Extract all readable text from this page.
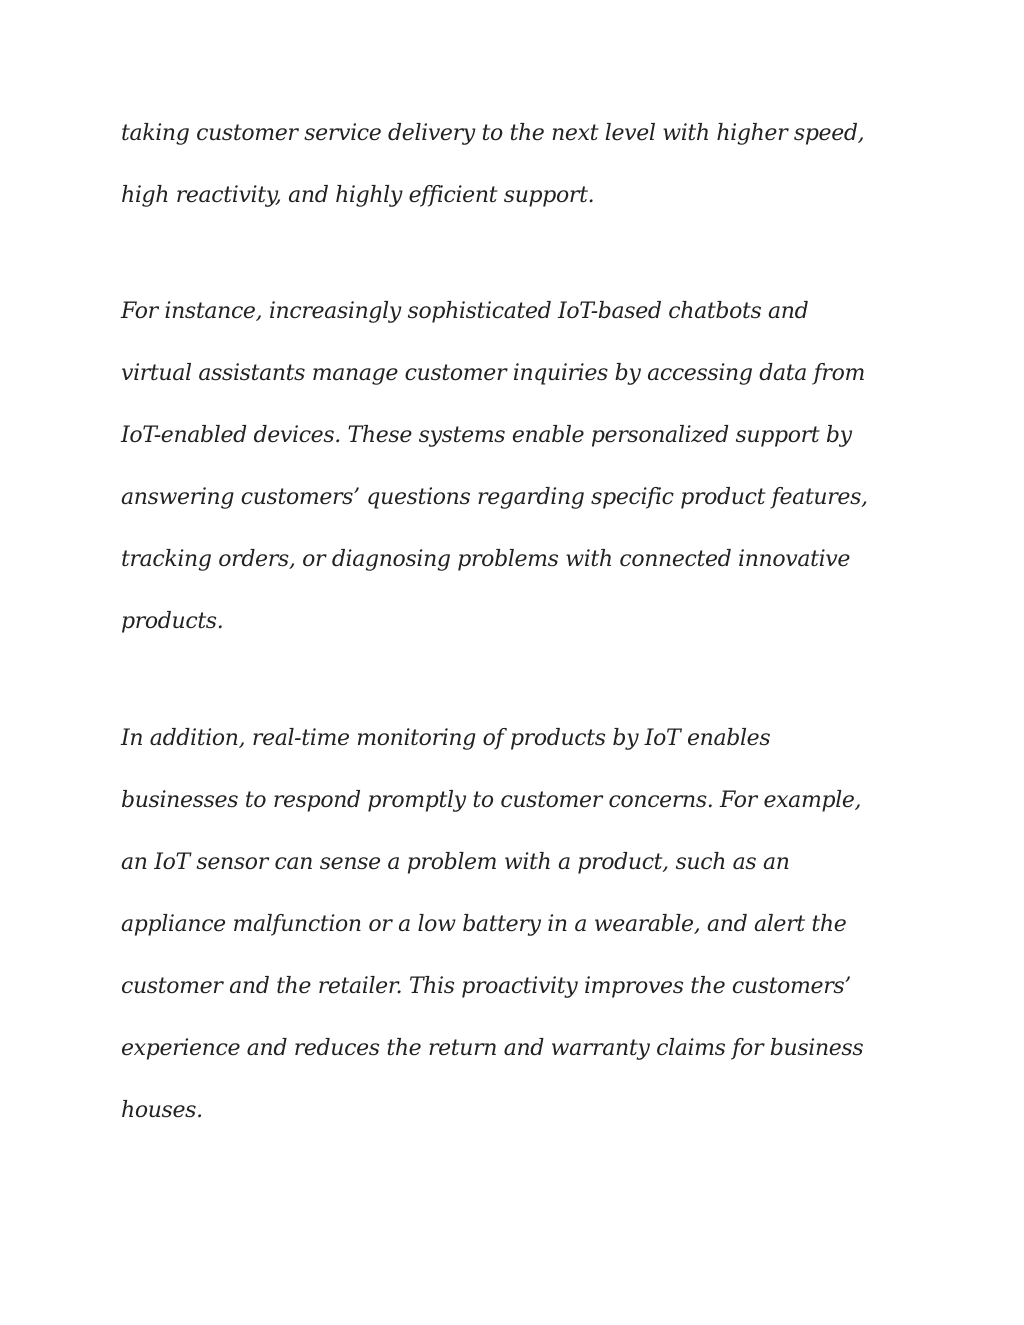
taking customer service delivery to the next level with higher speed,
high reactivity, and highly efficient support.
For instance, increasingly sophisticated IoT-based chatbots and
virtual assistants manage customer inquiries by accessing data from
IoT-enabled devices. These systems enable personalized support by
answering customers’ questions regarding specific product features,
tracking orders, or diagnosing problems with connected innovative
products.
In addition, real-time monitoring of products by IoT enables
businesses to respond promptly to customer concerns. For example,
an IoT sensor can sense a problem with a product, such as an
appliance malfunction or a low battery in a wearable, and alert the
customer and the retailer. This proactivity improves the customers’
experience and reduces the return and warranty claims for business
houses.
